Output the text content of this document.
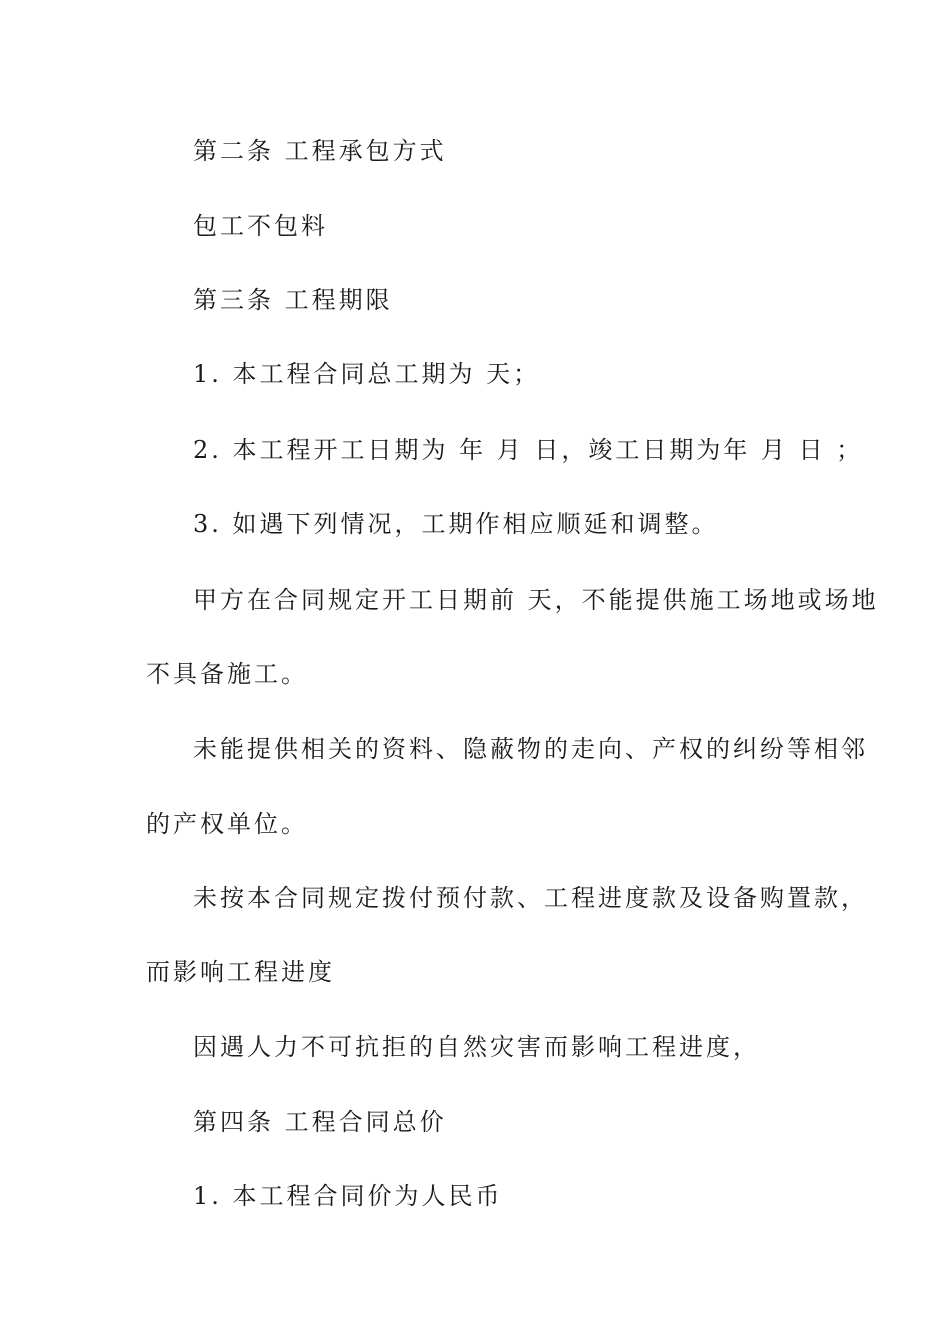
第二条 工程承包方式
包工不包料
第三条 工程期限
1. 本工程合同总工期为 天；
2. 本工程开工日期为 年 月 日，竣工日期为年 月 日 ；
3. 如遇下列情况，工期作相应顺延和调整。
甲方在合同规定开工日期前 天，不能提供施工场地或场地
不具备施工。
未能提供相关的资料、隐蔽物的走向、产权的纠纷等相邻
的产权单位。
未按本合同规定拨付预付款、工程进度款及设备购置款，
而影响工程进度
因遇人力不可抗拒的自然灾害而影响工程进度，
第四条 工程合同总价
1. 本工程合同价为人民币
